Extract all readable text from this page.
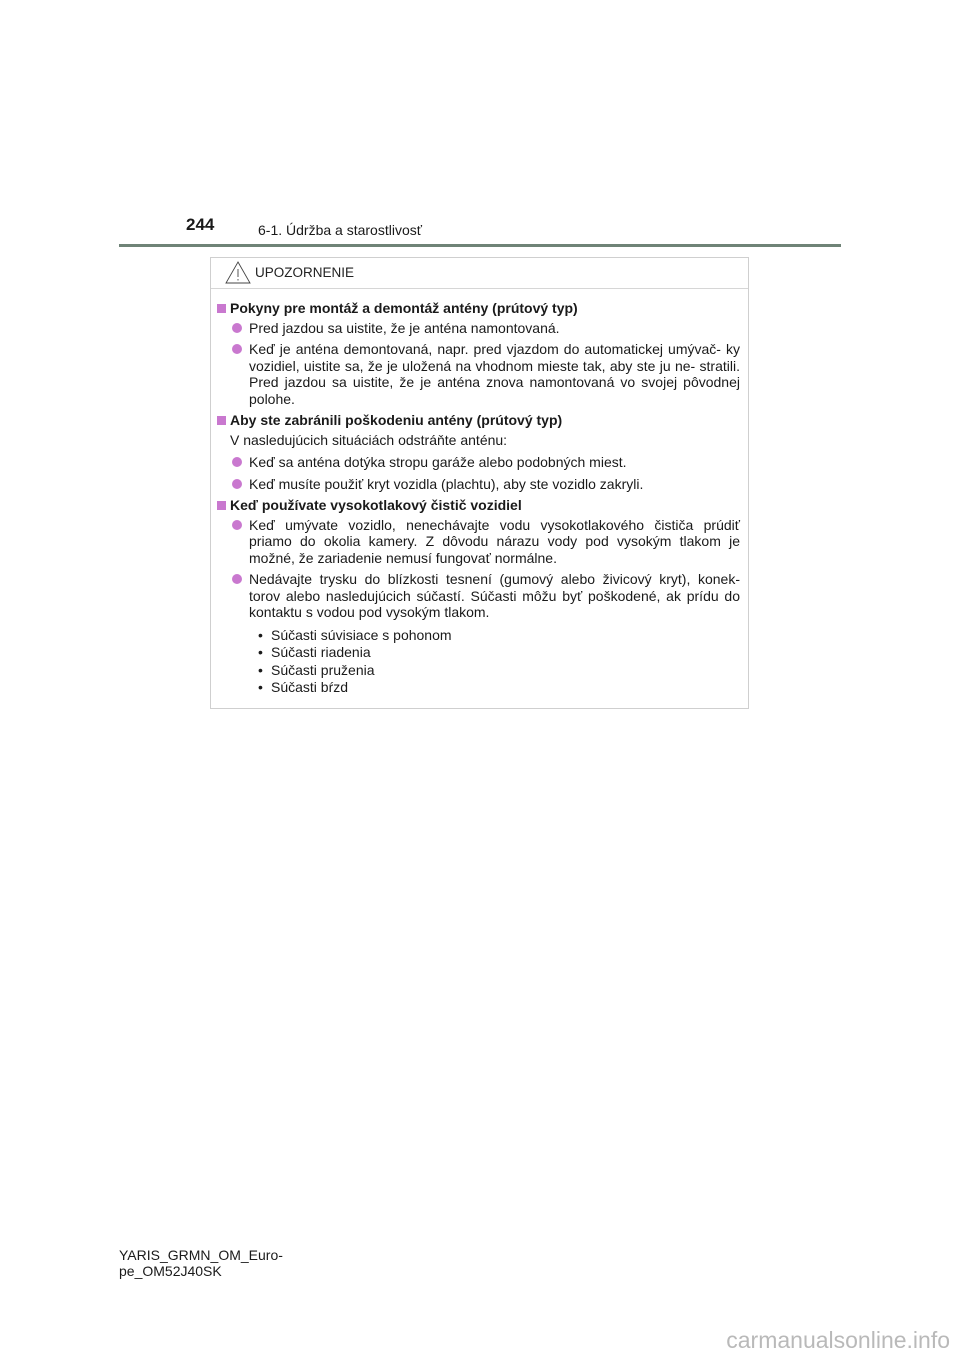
244	6-1. Údržba a starostlivosť
UPOZORNENIE
Pokyny pre montáž a demontáž antény (prútový typ)
Pred jazdou sa uistite, že je anténa namontovaná.
Keď je anténa demontovaná, napr. pred vjazdom do automatickej umývač- ky vozidiel, uistite sa, že je uložená na vhodnom mieste tak, aby ste ju ne- stratili. Pred jazdou sa uistite, že je anténa znova namontovaná vo svojej pôvodnej polohe.
Aby ste zabránili poškodeniu antény (prútový typ)
V nasledujúcich situáciách odstráňte anténu:
Keď sa anténa dotýka stropu garáže alebo podobných miest.
Keď musíte použiť kryt vozidla (plachtu), aby ste vozidlo zakryli.
Keď používate vysokotlakový čistič vozidiel
Keď umývate vozidlo, nenechávajte vodu vysokotlakového čističa prúdiť priamo do okolia kamery. Z dôvodu nárazu vody pod vysokým tlakom je možné, že zariadenie nemusí fungovať normálne.
Nedávajte trysku do blízkosti tesnení (gumový alebo živicový kryt), konek- torov alebo nasledujúcich súčastí. Súčasti môžu byť poškodené, ak prídu do kontaktu s vodou pod vysokým tlakom.
• Súčasti súvisiace s pohonom
• Súčasti riadenia
• Súčasti pruženia
• Súčasti bŕzd
YARIS_GRMN_OM_Euro-
pe_OM52J40SK
carmanualsonline.info
